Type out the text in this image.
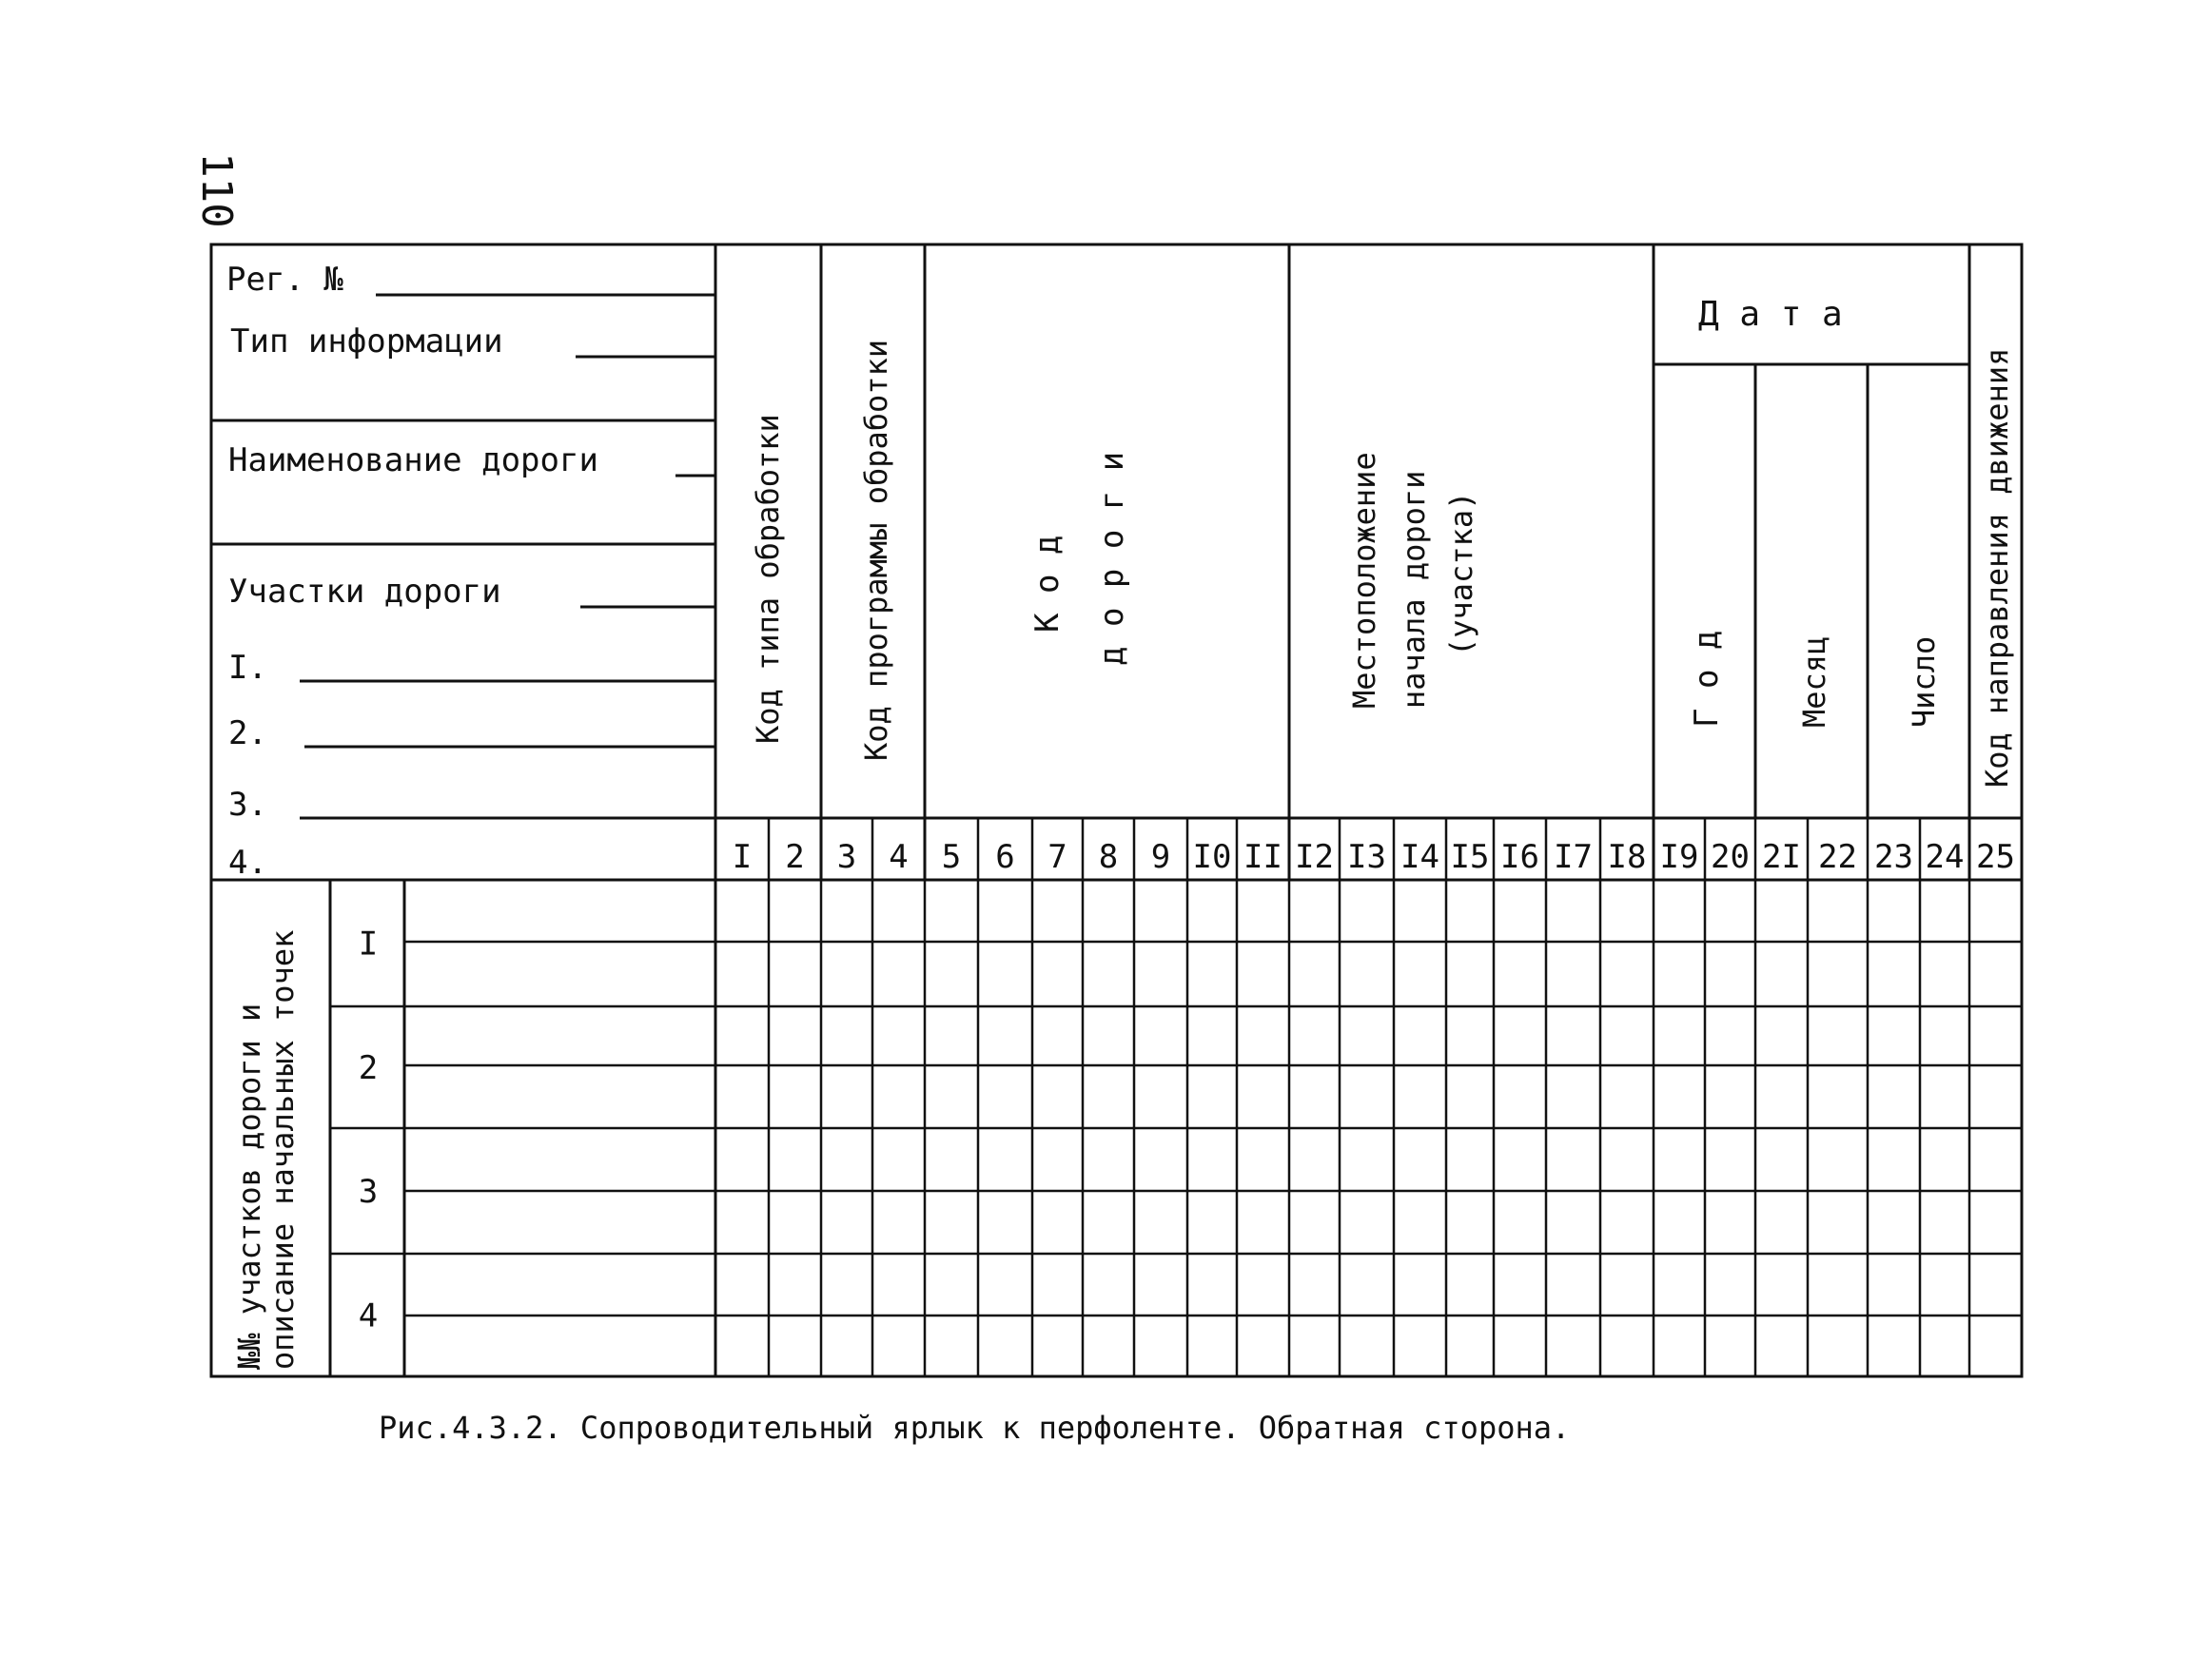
110
I 2 3 4 5 6 7 8 9 I0 II I2 I3 I4 I5 I6 I7 I8 I9 20 2I 22 23 24 25
I
2
3
4
Рег. №
Тип информации
Наименование дороги
Участки дороги
I.
2.
3.
4.
Код типа обработки Код программы обработки	К о д д о р о г и	Местоположение начала дороги (участка)
Д а т а
Г о д Месяц Число Код направления движения
№№ участков дороги и
описание начальных точек
Рис.4.3.2. Сопроводительный ярлык к перфоленте. Обратная сторона.
